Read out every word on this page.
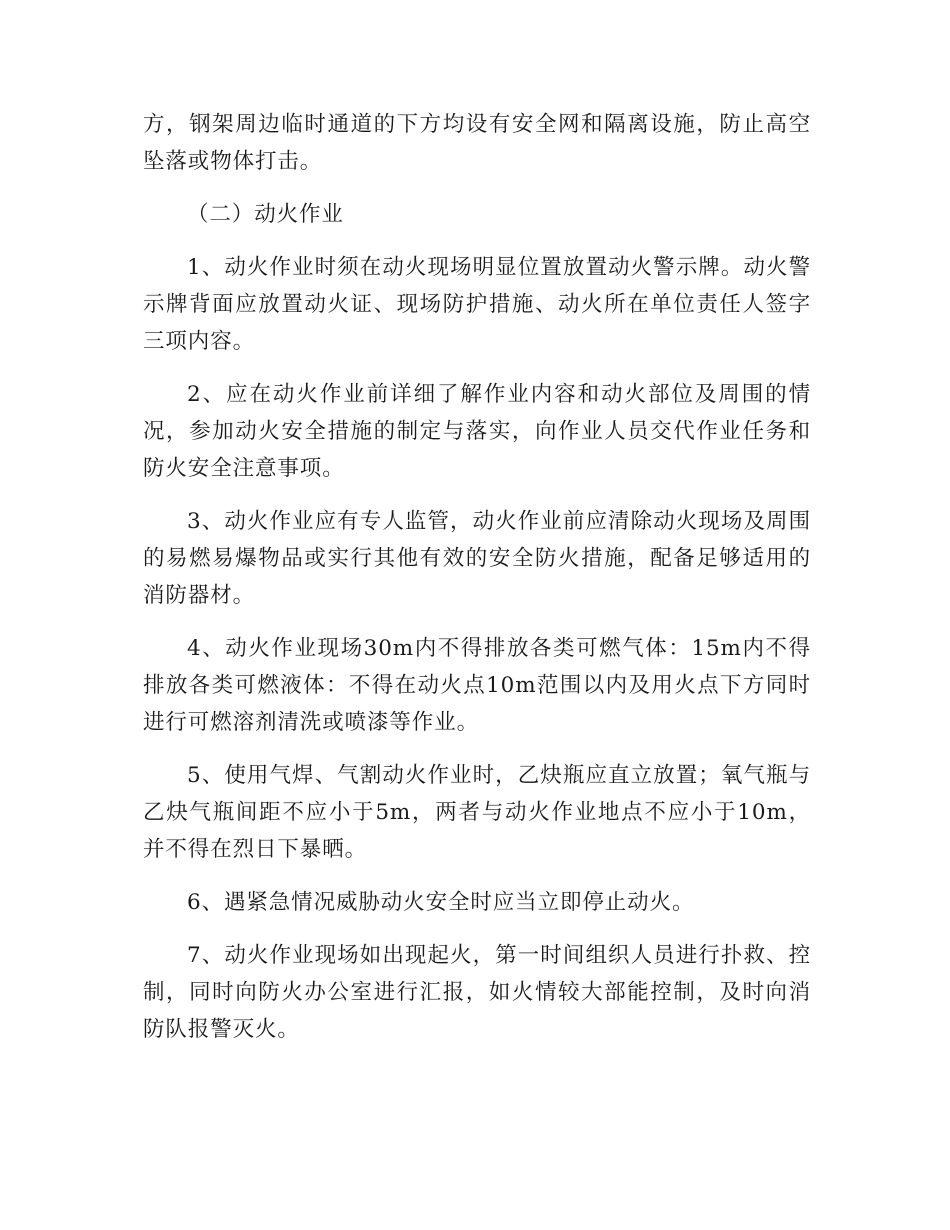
方，钢架周边临时通道的下方均设有安全网和隔离设施，防止高空坠落或物体打击。

（二）动火作业

1、动火作业时须在动火现场明显位置放置动火警示牌。动火警示牌背面应放置动火证、现场防护措施、动火所在单位责任人签字三项内容。

2、应在动火作业前详细了解作业内容和动火部位及周围的情况，参加动火安全措施的制定与落实，向作业人员交代作业任务和防火安全注意事项。

3、动火作业应有专人监管，动火作业前应清除动火现场及周围的易燃易爆物品或实行其他有效的安全防火措施，配备足够适用的消防器材。

4、动火作业现场30m内不得排放各类可燃气体：15m内不得排放各类可燃液体：不得在动火点10m范围以内及用火点下方同时进行可燃溶剂清洗或喷漆等作业。

5、使用气焊、气割动火作业时，乙炔瓶应直立放置；氧气瓶与乙炔气瓶间距不应小于5m，两者与动火作业地点不应小于10m，并不得在烈日下暴晒。

6、遇紧急情况威胁动火安全时应当立即停止动火。

7、动火作业现场如出现起火，第一时间组织人员进行扑救、控制，同时向防火办公室进行汇报，如火情较大部能控制，及时向消防队报警灭火。
